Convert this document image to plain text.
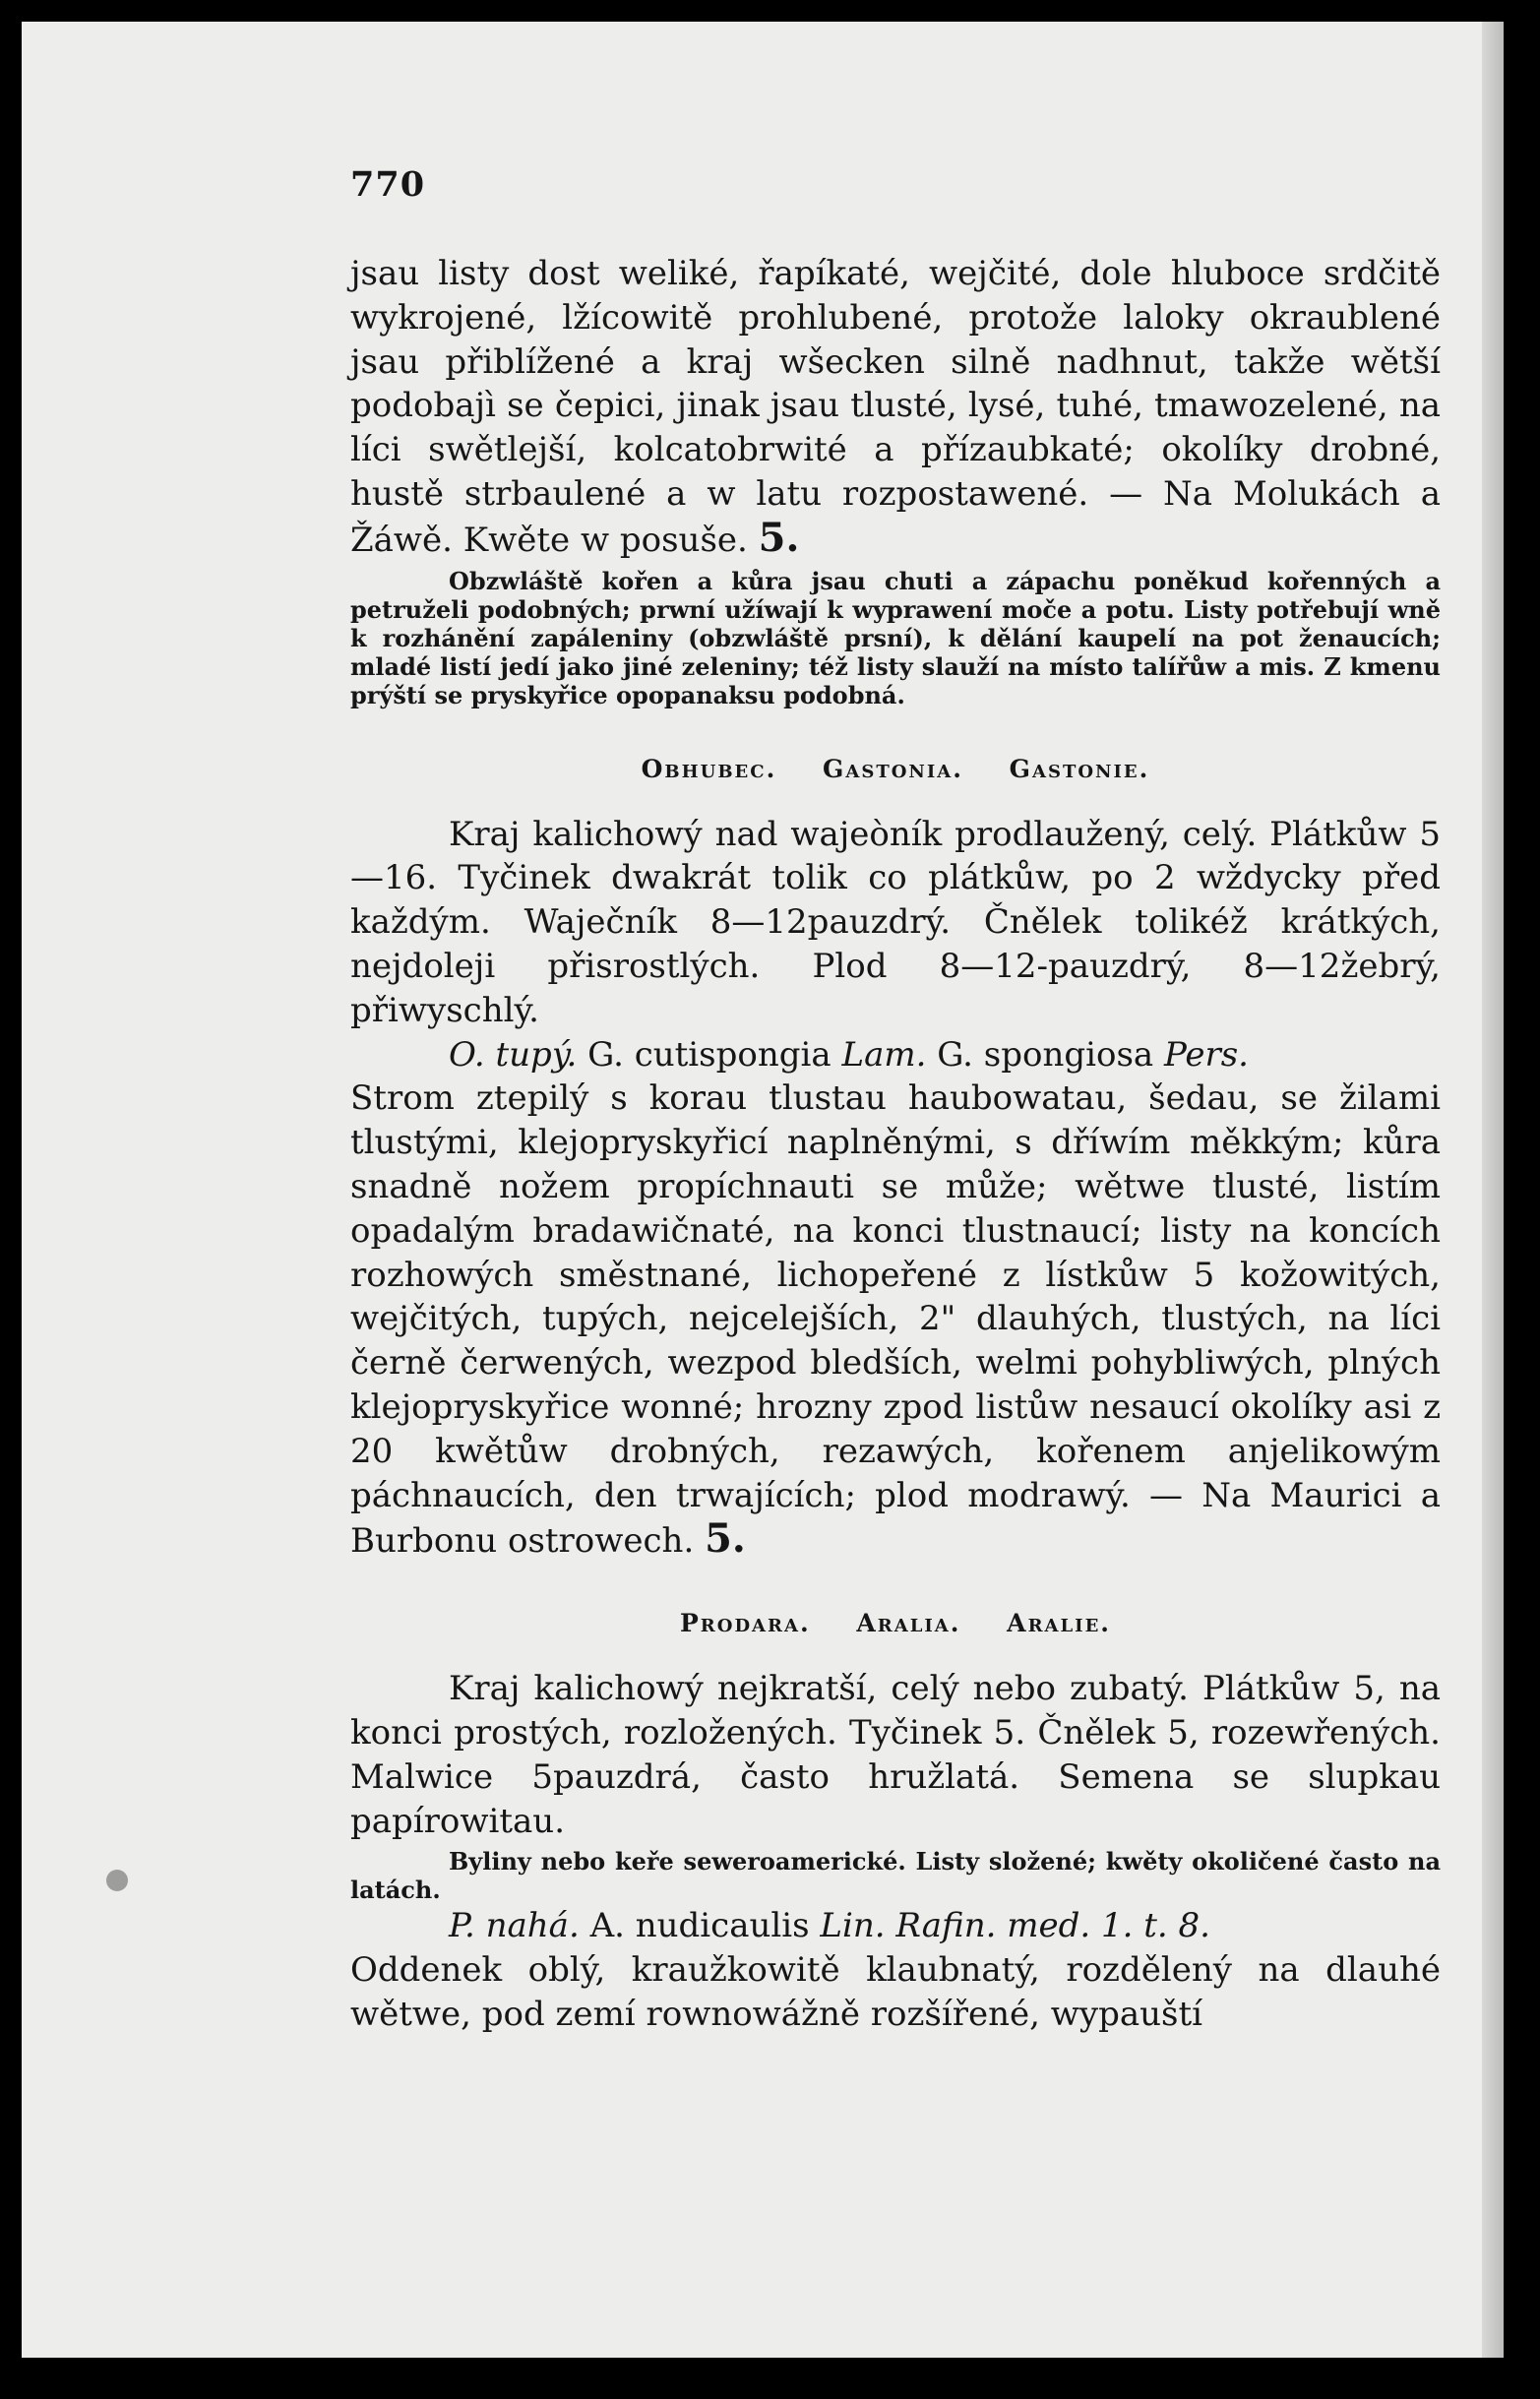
770

jsau listy dost weliké, řapíkaté, wejčité, dole hluboce srdčitě wykrojené, lžícowitě prohlubené, protože laloky okraublené jsau přiblížené a kraj wšecken silně nadhnut, takže wětší podobajì se čepici, jinak jsau tlusté, lysé, tuhé, tmawozelené, na líci swětlejší, kolcatobrwité a přízaubkaté; okolíky drobné, hustě strbaulené a w latu rozpostawené. — Na Molukách a Žáwě. Kwěte w posuše. 5.

Obzwláště kořen a kůra jsau chuti a zápachu poněkud kořenných a petruželi podobných; prwní užíwají k wyprawení moče a potu. Listy potřebují wně k rozhánění zapáleniny (obzwláště prsní), k dělání kaupelí na pot ženaucích; mladé listí jedí jako jiné zeleniny; též listy slauží na místo talířůw a mis. Z kmenu prýští se pryskyřice opopanaksu podobná.

Obhubec. Gastonia. Gastonie.

Kraj kalichowý nad wajeòník prodlaužený, celý. Plátkůw 5—16. Tyčinek dwakrát tolik co plátkůw, po 2 wždycky před každým. Waječník 8—12pauzdrý. Čnělek tolikéž krátkých, nejdoleji přisrostlých. Plod 8—12-pauzdrý, 8—12žebrý, přiwyschlý.

O. tupý. G. cutispongia Lam. G. spongiosa Pers.

Strom ztepilý s korau tlustau haubowatau, šedau, se žilami tlustými, klejopryskyřicí naplněnými, s dříwím měkkým; kůra snadně nožem propíchnauti se může; wětwe tlusté, listím opadalým bradawičnaté, na konci tlustnaucí; listy na koncích rozhowých směstnané, lichopeřené z lístkůw 5 kožowitých, wejčitých, tupých, nejcelejších, 2" dlauhých, tlustých, na líci černě čerwených, wezpod bledších, welmi pohybliwých, plných klejopryskyřice wonné; hrozny zpod listůw nesaucí okolíky asi z 20 kwětůw drobných, rezawých, kořenem anjelikowým páchnaucích, den trwajících; plod modrawý. — Na Maurici a Burbonu ostrowech. 5.

Prodara. Aralia. Aralie.

Kraj kalichowý nejkratší, celý nebo zubatý. Plátkůw 5, na konci prostých, rozložených. Tyčinek 5. Čnělek 5, rozewřených. Malwice 5pauzdrá, často hružlatá. Semena se slupkau papírowitau.

Byliny nebo keře seweroamerické. Listy složené; kwěty okoličené často na latách.

P. nahá. A. nudicaulis Lin. Rafin. med. 1. t. 8.

Oddenek oblý, kraužkowitě klaubnatý, rozdělený na dlauhé wětwe, pod zemí rownowážně rozšířené, wypauští
